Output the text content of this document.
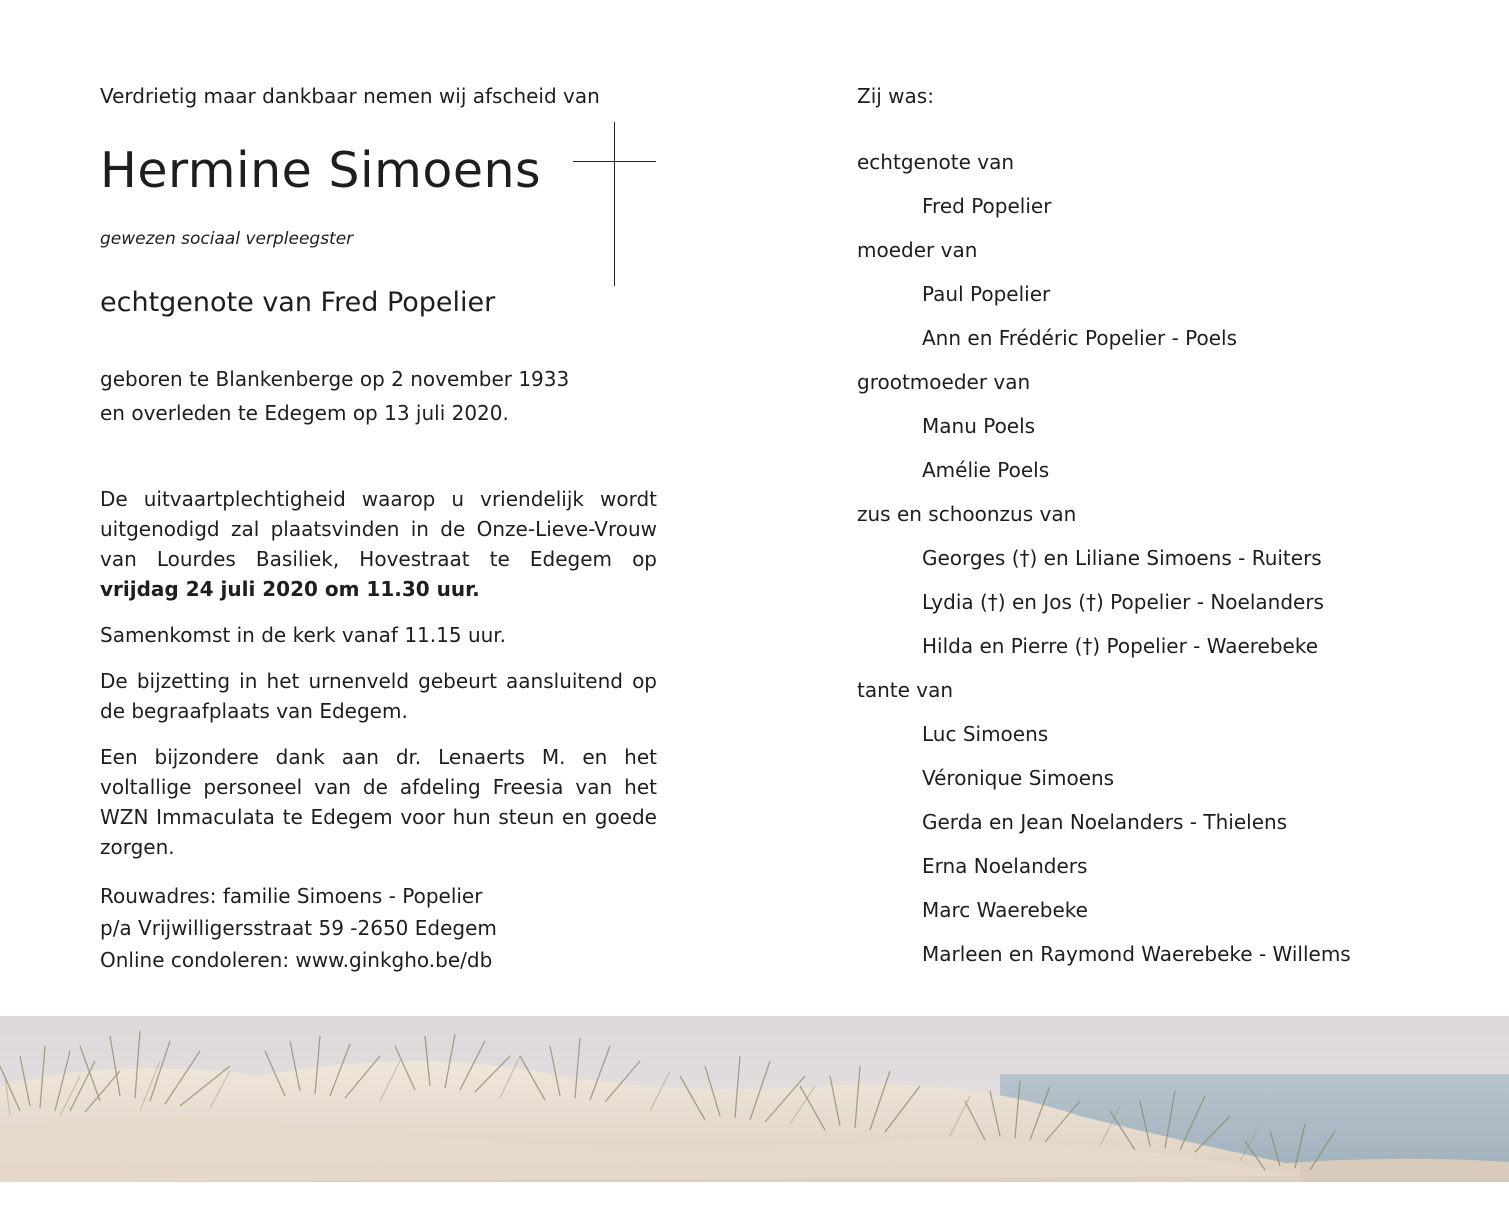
Verdrietig maar dankbaar nemen wij afscheid van
Hermine Simoens
gewezen sociaal verpleegster
echtgenote van Fred Popelier
geboren te Blankenberge op 2 november 1933
en overleden te Edegem op 13 juli 2020.

De uitvaartplechtigheid waarop u vriendelijk wordt uitgenodigd zal plaatsvinden in de Onze-Lieve-Vrouw van Lourdes Basiliek, Hovestraat te Edegem op vrijdag 24 juli 2020 om 11.30 uur.

Samenkomst in de kerk vanaf 11.15 uur.

De bijzetting in het urnenveld gebeurt aansluitend op de begraafplaats van Edegem.

Een bijzondere dank aan dr. Lenaerts M. en het voltallige personeel van de afdeling Freesia van het WZN Immaculata te Edegem voor hun steun en goede zorgen.

Rouwadres: familie Simoens - Popelier
p/a Vrijwilligersstraat 59 -2650 Edegem
Online condoleren: www.ginkgho.be/db
Zij was:
echtgenote van
Fred Popelier
moeder van
Paul Popelier
Ann en Frédéric Popelier - Poels
grootmoeder van
Manu Poels
Amélie Poels
zus en schoonzus van
Georges (†) en Liliane Simoens - Ruiters
Lydia (†) en Jos (†) Popelier - Noelanders
Hilda en Pierre (†) Popelier - Waerebeke
tante van
Luc Simoens
Véronique Simoens
Gerda en Jean Noelanders - Thielens
Erna Noelanders
Marc Waerebeke
Marleen en Raymond Waerebeke - Willems
